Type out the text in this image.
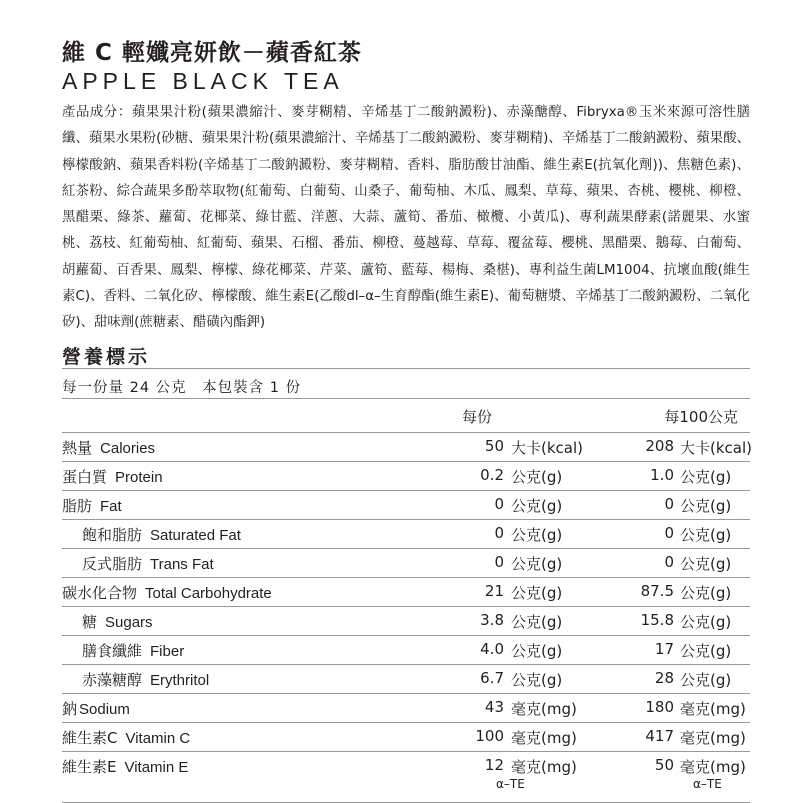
維 C 輕孅亮妍飲－蘋香紅茶
APPLE BLACK TEA
產品成分：蘋果果汁粉(蘋果濃縮汁、麥芽糊精、辛烯基丁二酸鈉澱粉)、赤藻醣醇、Fibryxa®玉米來源可溶性膳纖、蘋果水果粉(砂糖、蘋果果汁粉(蘋果濃縮汁、辛烯基丁二酸鈉澱粉、麥芽糊精)、辛烯基丁二酸鈉澱粉、蘋果酸、檸檬酸鈉、蘋果香料粉(辛烯基丁二酸鈉澱粉、麥芽糊精、香料、脂肪酸甘油酯、維生素E(抗氧化劑))、焦糖色素)、紅茶粉、綜合蔬果多酚萃取物(紅葡萄、白葡萄、山桑子、葡萄柚、木瓜、鳳梨、草莓、蘋果、杏桃、櫻桃、柳橙、黑醋栗、綠茶、蘿蔔、花椰菜、綠甘藍、洋蔥、大蒜、蘆筍、番茄、橄欖、小黃瓜)、專利蔬果酵素(諾麗果、水蜜桃、荔枝、紅葡萄柚、紅葡萄、蘋果、石榴、番茄、柳橙、蔓越莓、草莓、覆盆莓、櫻桃、黑醋栗、鵝莓、白葡萄、胡蘿蔔、百香果、鳳梨、檸檬、綠花椰菜、芹菜、蘆筍、藍莓、楊梅、桑椹)、專利益生菌LM1004、抗壞血酸(維生素C)、香料、二氧化矽、檸檬酸、維生素E(乙酸dl–α–生育醇酯(維生素E)、葡萄糖漿、辛烯基丁二酸鈉澱粉、二氧化矽)、甜味劑(蔗糖素、醋磺內酯鉀)
營養標示
每一份量 24 公克　本包裝含 1 份
每份	每100公克
熱量 Calories	50 大卡(kcal)	208 大卡(kcal)
蛋白質 Protein	0.2 公克(g)	1.0 公克(g)
脂肪 Fat	0 公克(g)	0 公克(g)
飽和脂肪 Saturated Fat	0 公克(g)	0 公克(g)
反式脂肪 Trans Fat	0 公克(g)	0 公克(g)
碳水化合物 Total Carbohydrate	21 公克(g)	87.5 公克(g)
糖 Sugars	3.8 公克(g)	15.8 公克(g)
膳食纖維 Fiber	4.0 公克(g)	17 公克(g)
赤藻糖醇 Erythritol	6.7 公克(g)	28 公克(g)
鈉 Sodium	43 毫克(mg)	180 毫克(mg)
維生素C Vitamin C	100 毫克(mg)	417 毫克(mg)
維生素E Vitamin E	12 毫克(mg)	50 毫克(mg)
α–TE	α–TE
